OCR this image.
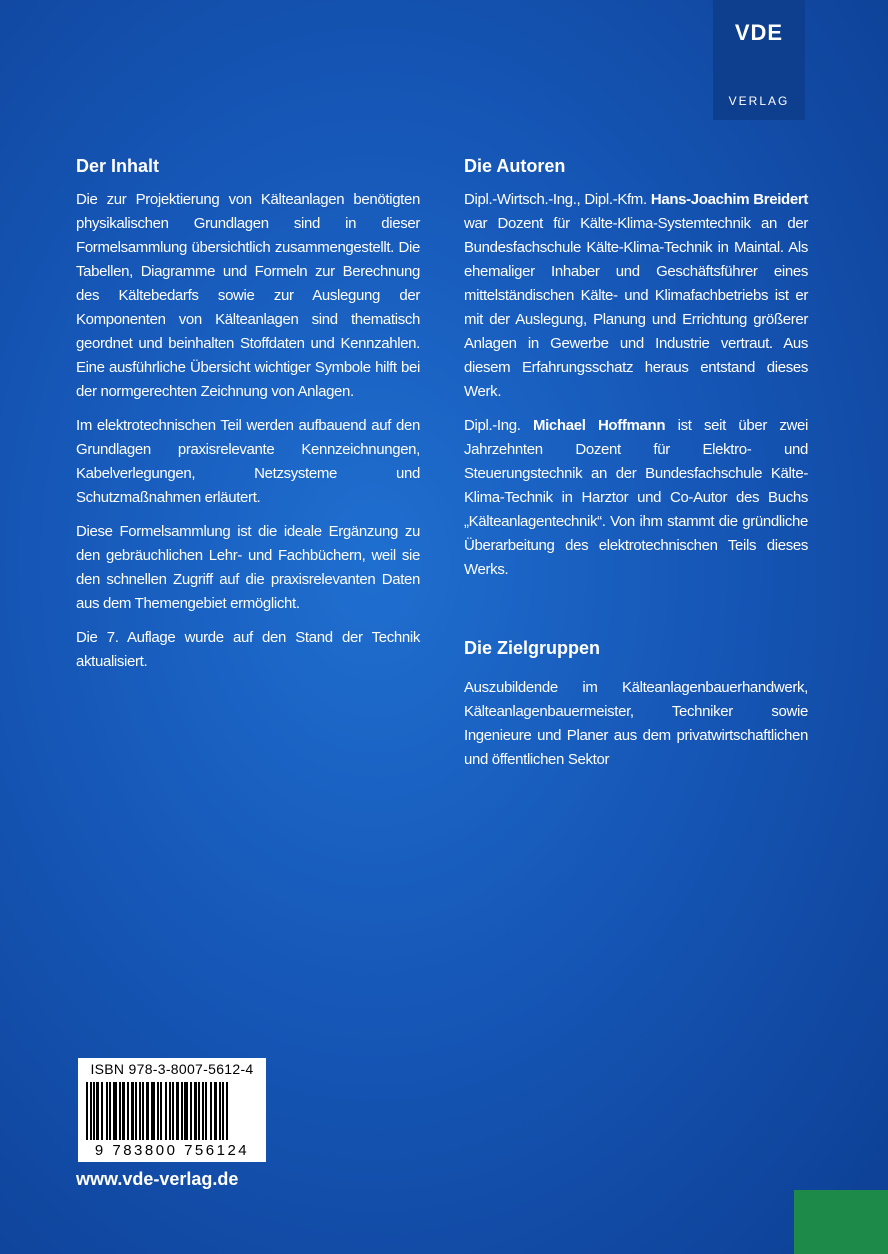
VDE
VERLAG
Der Inhalt

Die zur Projektierung von Kälteanlagen benötigten physikalischen Grundlagen sind in dieser Formelsammlung übersichtlich zusammengestellt. Die Tabellen, Diagramme und Formeln zur Berechnung des Kältebedarfs sowie zur Auslegung der Komponenten von Kälteanlagen sind thematisch geordnet und beinhalten Stoffdaten und Kennzahlen. Eine ausführliche Übersicht wichtiger Symbole hilft bei der normgerechten Zeichnung von Anlagen.

Im elektrotechnischen Teil werden aufbauend auf den Grundlagen praxisrelevante Kennzeichnungen, Kabelverlegungen, Netzsysteme und Schutzmaßnahmen erläutert.

Diese Formelsammlung ist die ideale Ergänzung zu den gebräuchlichen Lehr- und Fachbüchern, weil sie den schnellen Zugriff auf die praxisrelevanten Daten aus dem Themengebiet ermöglicht.

Die 7. Auflage wurde auf den Stand der Technik aktualisiert.

Die Autoren

Dipl.-Wirtsch.-Ing., Dipl.-Kfm. Hans-Joachim Breidert war Dozent für Kälte-Klima-Systemtechnik an der Bundesfachschule Kälte-Klima-Technik in Maintal. Als ehemaliger Inhaber und Geschäftsführer eines mittelständischen Kälte- und Klimafachbetriebs ist er mit der Auslegung, Planung und Errichtung größerer Anlagen in Gewerbe und Industrie vertraut. Aus diesem Erfahrungsschatz heraus entstand dieses Werk.

Dipl.-Ing. Michael Hoffmann ist seit über zwei Jahrzehnten Dozent für Elektro- und Steuerungstechnik an der Bundesfachschule Kälte-Klima-Technik in Harztor und Co-Autor des Buchs „Kälteanlagentechnik“. Von ihm stammt die gründliche Überarbeitung des elektrotechnischen Teils dieses Werks.

Die Zielgruppen

Auszubildende im Kälteanlagenbauerhandwerk, Kälteanlagenbauermeister, Techniker sowie Ingenieure und Planer aus dem privatwirtschaftlichen und öffentlichen Sektor

ISBN 978-3-8007-5612-4
9 783800 756124
www.vde-verlag.de
